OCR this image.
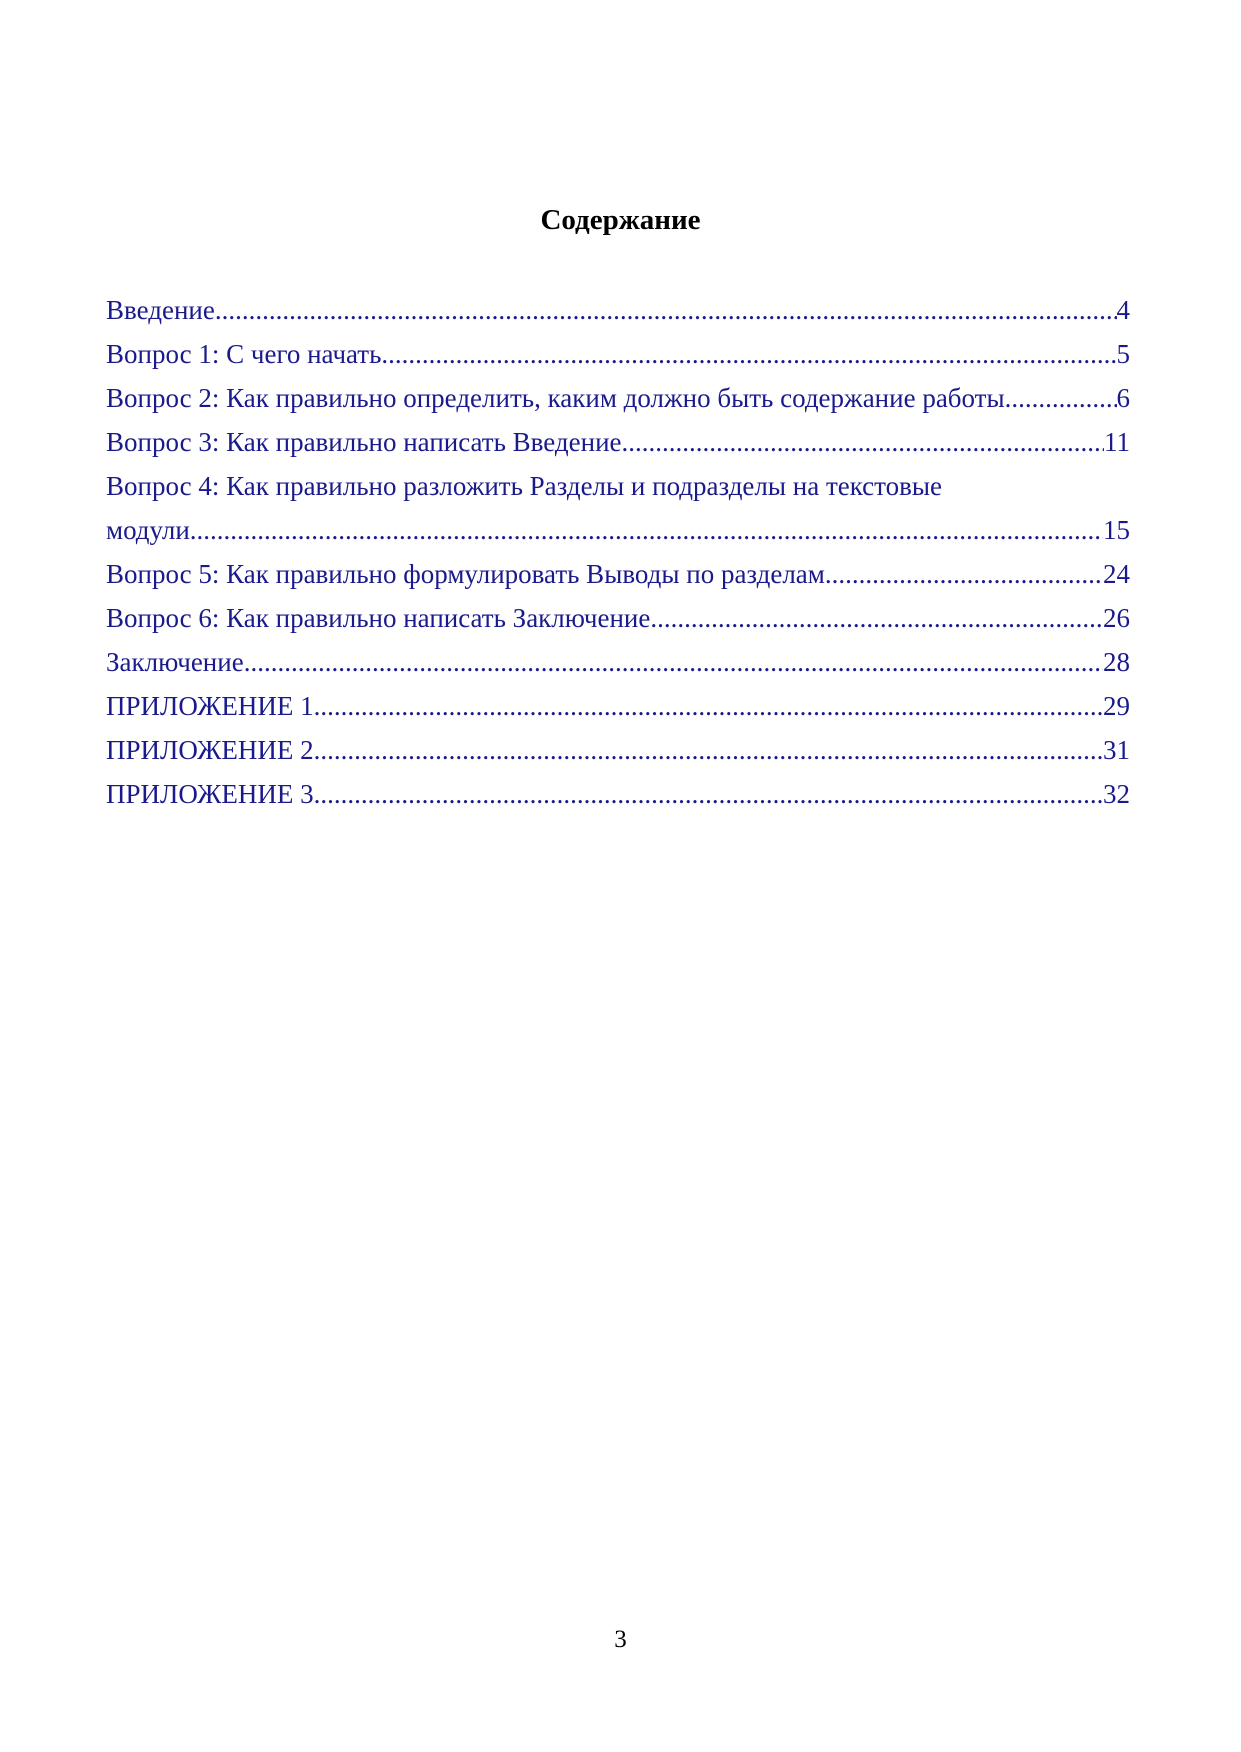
Содержание
Введение .....	4
Вопрос 1: С чего начать .....	5
Вопрос 2: Как правильно определить, каким должно быть содержание работы .....	6
Вопрос 3: Как правильно написать Введение .....	11
Вопрос 4: Как правильно разложить Разделы и подразделы на текстовые
модули .....	15
Вопрос 5: Как правильно формулировать Выводы по разделам .....	24
Вопрос 6: Как правильно написать Заключение .....	26
Заключение .....	28
ПРИЛОЖЕНИЕ 1 .....	29
ПРИЛОЖЕНИЕ 2 .....	31
ПРИЛОЖЕНИЕ 3 .....	32
3
